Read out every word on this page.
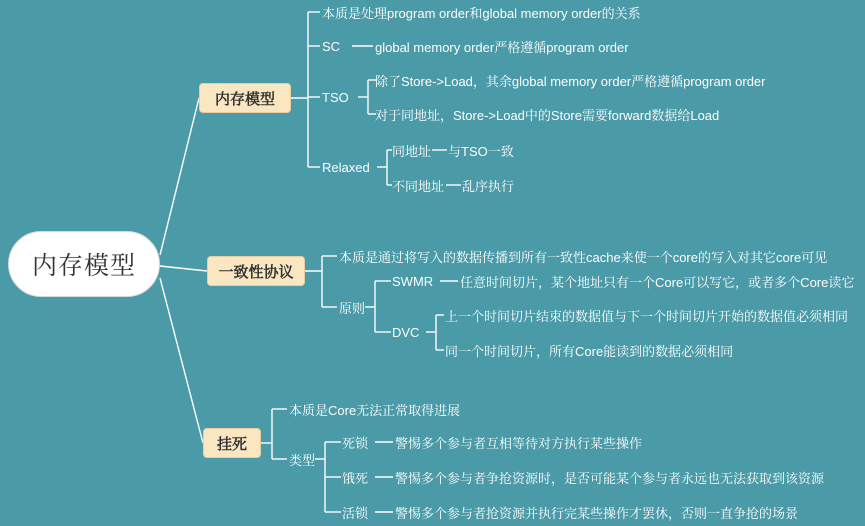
内存模型
内存模型
一致性协议
挂死
本质是处理program order和global memory order的关系
SC	global memory order严格遵循program order
TSO
除了Store->Load，其余global memory order严格遵循program order
对于同地址，Store->Load中的Store需要forward数据给Load
Relaxed
同地址 与TSO一致
不同地址 乱序执行
本质是通过将写入的数据传播到所有一致性cache来使一个core的写入对其它core可见
原则
SWMR 任意时间切片，某个地址只有一个Core可以写它，或者多个Core读它
DVC
上一个时间切片结束的数据值与下一个时间切片开始的数据值必须相同
同一个时间切片，所有Core能读到的数据必须相同
本质是Core无法正常取得进展
类型
死锁 警惕多个参与者互相等待对方执行某些操作
饿死 警惕多个参与者争抢资源时，是否可能某个参与者永远也无法获取到该资源
活锁 警惕多个参与者抢资源并执行完某些操作才罢休，否则一直争抢的场景
